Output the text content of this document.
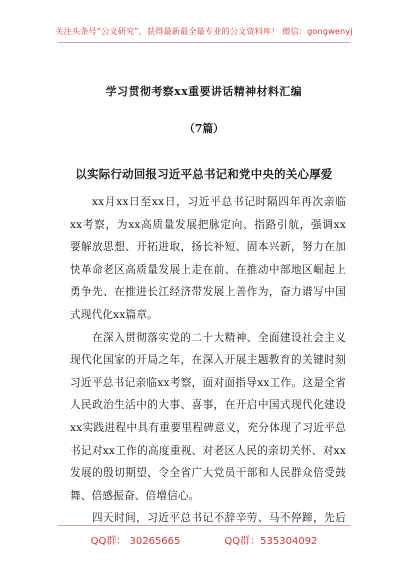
关注头条号“公文研究”，获得最新最全最专业的公文资料库！ 微信：gongwenyj
学习贯彻考察xx重要讲话精神材料汇编
（7篇）
以实际行动回报习近平总书记和党中央的关心厚爱
xx月xx日至xx日，习近平总书记时隔四年再次亲临
xx考察，为xx高质量发展把脉定向、指路引航，强调xx
要解放思想、开拓进取，扬长补短、固本兴新，努力在加
快革命老区高质量发展上走在前、在推动中部地区崛起上
勇争先、在推进长江经济带发展上善作为，奋力谱写中国
式现代化xx篇章。
在深入贯彻落实党的二十大精神、全面建设社会主义
现代化国家的开局之年，在深入开展主题教育的关键时刻
习近平总书记亲临xx考察，面对面指导xx工作。这是全省
人民政治生活中的大事、喜事，在开启中国式现代化建设
xx实践进程中具有重要里程碑意义，充分体现了习近平总
书记对xx工作的高度重视、对老区人民的亲切关怀、对xx
发展的殷切期望，令全省广大党员干部和人民群众倍受鼓
舞、倍感振奋、倍增信心。
四天时间，习近平总书记不辞辛劳、马不停蹄，先后
QQ群： 30265665	QQ群：535304092
